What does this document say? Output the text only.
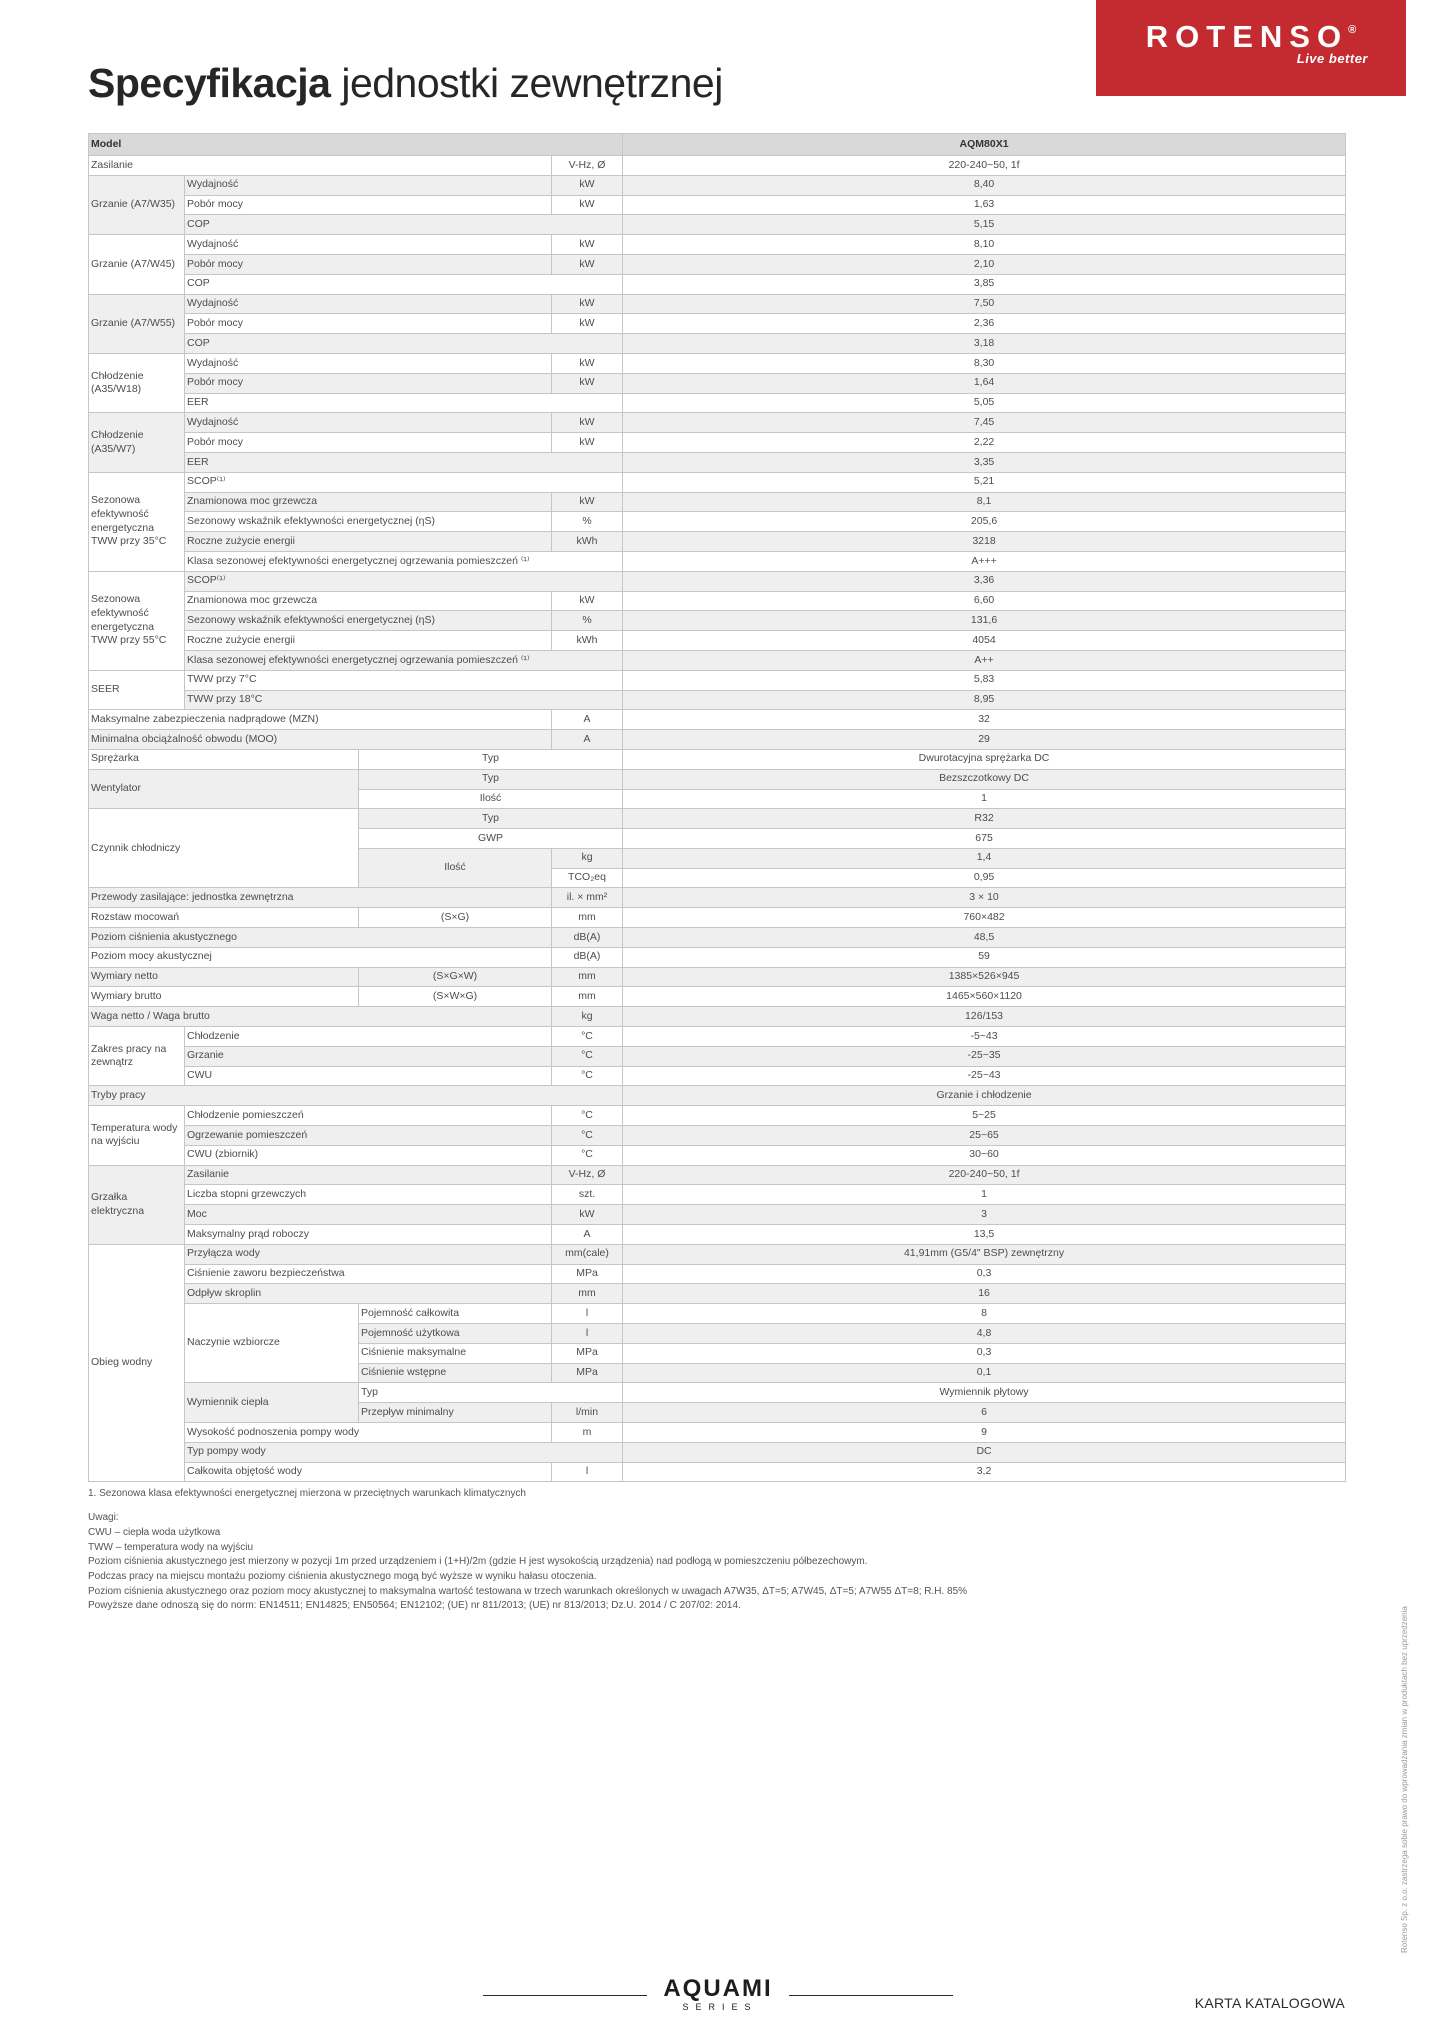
ROTENSO®
Live better
Specyfikacja jednostki zewnętrznej
Model				AQM80X1
Zasilanie			V-Hz, Ø	220-240~50, 1f
Grzanie (A7/W35)	Wydajność		kW	8,40
	Pobór mocy		kW	1,63
	COP			5,15
Grzanie (A7/W45)	Wydajność		kW	8,10
	Pobór mocy		kW	2,10
	COP			3,85
Grzanie (A7/W55)	Wydajność		kW	7,50
	Pobór mocy		kW	2,36
	COP			3,18
Chłodzenie (A35/W18)	Wydajność		kW	8,30
	Pobór mocy		kW	1,64
	EER			5,05
Chłodzenie (A35/W7)	Wydajność		kW	7,45
	Pobór mocy		kW	2,22
	EER			3,35
Sezonowa efektywność energetyczna TWW przy 35°C	SCOP⁽¹⁾			5,21
	Znamionowa moc grzewcza		kW	8,1
	Sezonowy wskaźnik efektywności energetycznej (ηS)		%	205,6
	Roczne zużycie energii		kWh	3218
	Klasa sezonowej efektywności energetycznej ogrzewania pomieszczeń ⁽¹⁾			A+++
Sezonowa efektywność energetyczna TWW przy 55°C	SCOP⁽¹⁾			3,36
	Znamionowa moc grzewcza		kW	6,60
	Sezonowy wskaźnik efektywności energetycznej (ηS)		%	131,6
	Roczne zużycie energii		kWh	4054
	Klasa sezonowej efektywności energetycznej ogrzewania pomieszczeń ⁽¹⁾			A++
SEER	TWW przy 7°C			5,83
	TWW przy 18°C			8,95
Maksymalne zabezpieczenia nadprądowe (MZN)			A	32
Minimalna obciążalność obwodu (MOO)			A	29
Sprężarka		Typ		Dwurotacyjna sprężarka DC
Wentylator		Typ		Bezszczotkowy DC
		Ilość		1
Czynnik chłodniczy		Typ		R32
		GWP		675
		Ilość	kg	1,4
			TCO₂eq	0,95
Przewody zasilające: jednostka zewnętrzna			il. × mm²	3 × 10
Rozstaw mocowań		(S×G)	mm	760×482
Poziom ciśnienia akustycznego			dB(A)	48,5
Poziom mocy akustycznej			dB(A)	59
Wymiary netto		(S×G×W)	mm	1385×526×945
Wymiary brutto		(S×W×G)	mm	1465×560×1120
Waga netto / Waga brutto			kg	126/153
Zakres pracy na zewnątrz	Chłodzenie		°C	-5~43
	Grzanie		°C	-25~35
	CWU		°C	-25~43
Tryby pracy				Grzanie i chłodzenie
Temperatura wody na wyjściu	Chłodzenie pomieszczeń		°C	5~25
	Ogrzewanie pomieszczeń		°C	25~65
	CWU (zbiornik)		°C	30~60
Grzałka elektryczna	Zasilanie		V-Hz, Ø	220-240~50, 1f
	Liczba stopni grzewczych		szt.	1
	Moc		kW	3
	Maksymalny prąd roboczy		A	13,5
Obieg wodny	Przyłącza wody		mm(cale)	41,91mm (G5/4" BSP) zewnętrzny
	Ciśnienie zaworu bezpieczeństwa		MPa	0,3
	Odpływ skroplin		mm	16
	Naczynie wzbiorcze	Pojemność całkowita	l	8
		Pojemność użytkowa	l	4,8
		Ciśnienie maksymalne	MPa	0,3
		Ciśnienie wstępne	MPa	0,1
	Wymiennik ciepła	Typ		Wymiennik płytowy
		Przepływ minimalny	l/min	6
	Wysokość podnoszenia pompy wody		m	9
	Typ pompy wody			DC
	Całkowita objętość wody		l	3,2
1. Sezonowa klasa efektywności energetycznej mierzona w przeciętnych warunkach klimatycznych
Uwagi:
CWU – ciepła woda użytkowa
TWW – temperatura wody na wyjściu
Poziom ciśnienia akustycznego jest mierzony w pozycji 1m przed urządzeniem i (1+H)/2m (gdzie H jest wysokością urządzenia) nad podłogą w pomieszczeniu półbezechowym.
Podczas pracy na miejscu montażu poziomy ciśnienia akustycznego mogą być wyższe w wyniku hałasu otoczenia.
Poziom ciśnienia akustycznego oraz poziom mocy akustycznej to maksymalna wartość testowana w trzech warunkach określonych w uwagach A7W35, ΔT=5; A7W45, ΔT=5; A7W55 ΔT=8; R.H. 85%
Powyższe dane odnoszą się do norm: EN14511; EN14825; EN50564; EN12102; (UE) nr 811/2013; (UE) nr 813/2013; Dz.U. 2014 / C 207/02: 2014.
Rotenso Sp. z o.o. zastrzega sobie prawo do wprowadzania zmian w produktach bez uprzedzenia
AQUAMI
SERIES	KARTA KATALOGOWA
